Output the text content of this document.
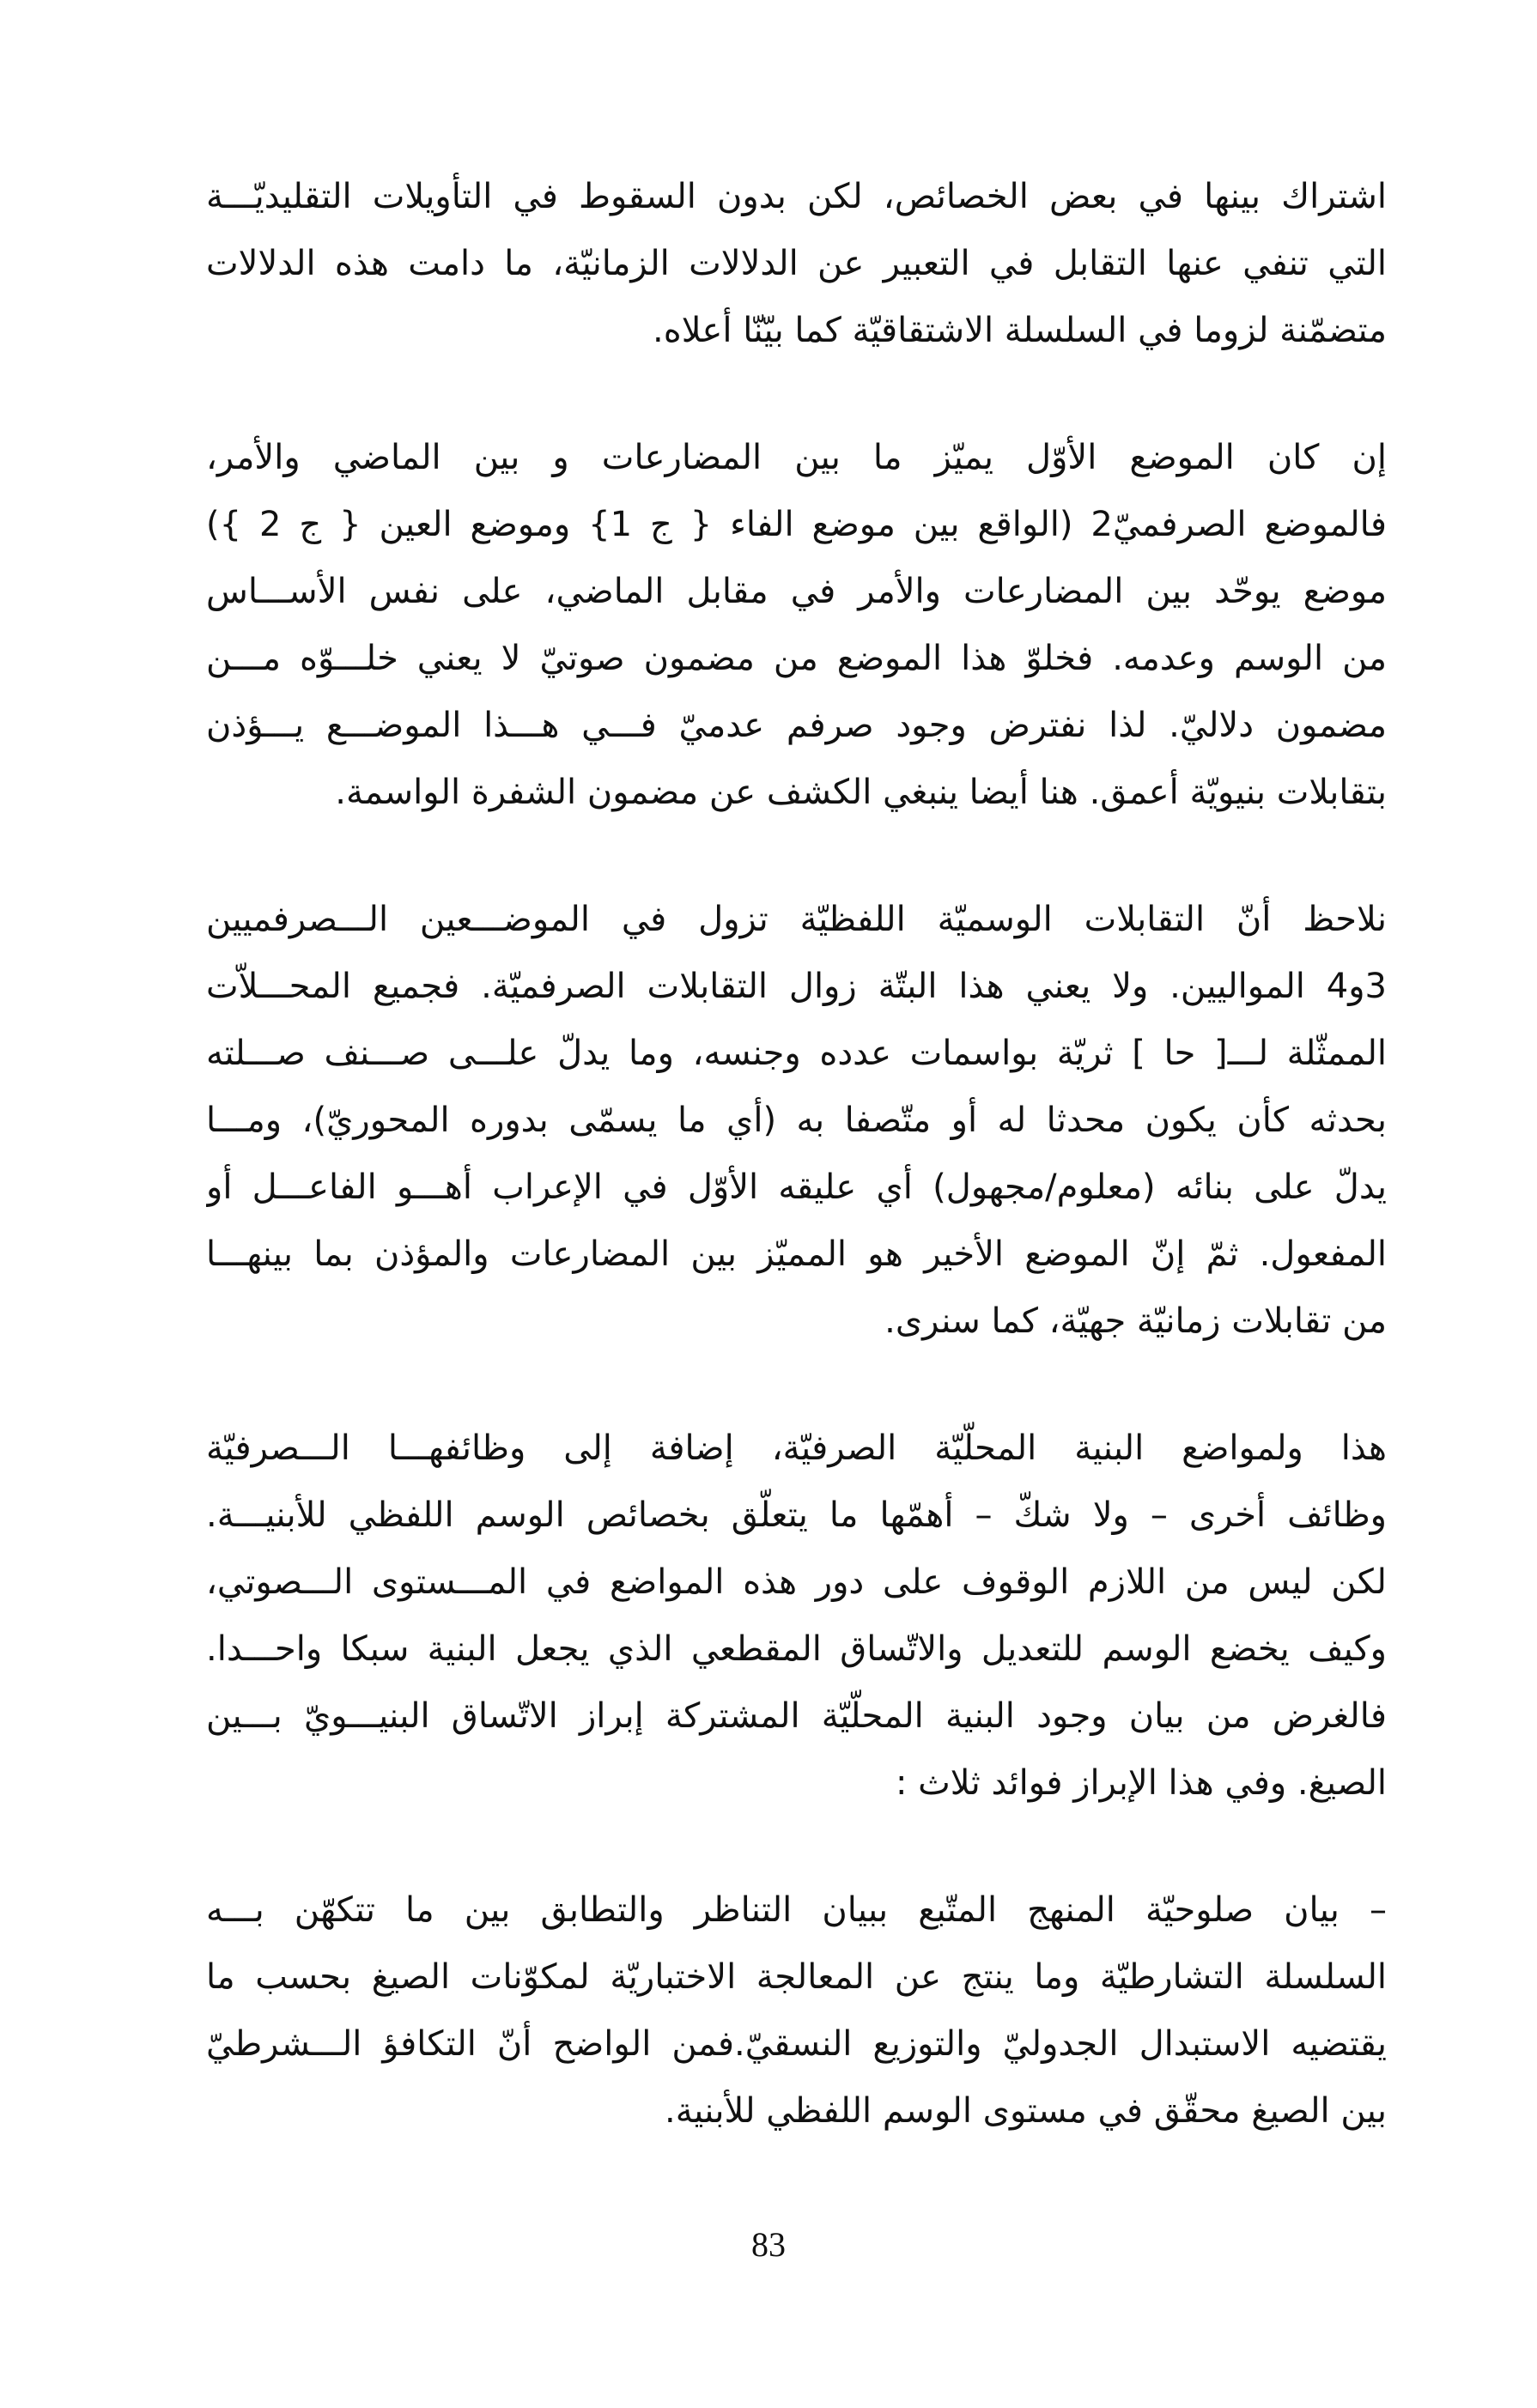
اشتراك بينها في بعض الخصائص، لكن بدون السقوط في التأويلات التقليديّـــة
التي تنفي عنها التقابل في التعبير عن الدلالات الزمانيّة، ما دامت هذه الدلالات
متضمّنة لزوما في السلسلة الاشتقاقيّة كما بيّنّا أعلاه.
إن كان الموضع الأوّل يميّز ما بين المضارعات و بين الماضي والأمر،
فالموضع الصرفميّ2 (الواقع بين موضع الفاء { ج 1} وموضع العين { ج 2 })
موضع يوحّد بين المضارعات والأمر في مقابل الماضي، على نفس الأســـاس
من الوسم وعدمه. فخلوّ هذا الموضع من مضمون صوتيّ لا يعني خلـــوّه مـــن
مضمون دلاليّ. لذا نفترض وجود صرفم عدميّ فـــي هـــذا الموضـــع يـــؤذن
بتقابلات بنيويّة أعمق. هنا أيضا ينبغي الكشف عن مضمون الشفرة الواسمة.
نلاحظ أنّ التقابلات الوسميّة اللفظيّة تزول في الموضـــعين الـــصرفميين
3و4 المواليين. ولا يعني هذا البتّة زوال التقابلات الصرفميّة. فجميع المحـــلاّت
الممثّلة لـــ[ حا ] ثريّة بواسمات عدده وجنسه، وما يدلّ علـــى صـــنف صـــلته
بحدثه كأن يكون محدثا له أو متّصفا به (أي ما يسمّى بدوره المحوريّ)، ومـــا
يدلّ على بنائه (معلوم/مجهول) أي عليقه الأوّل في الإعراب أهـــو الفاعـــل أو
المفعول. ثمّ إنّ الموضع الأخير هو المميّز بين المضارعات والمؤذن بما بينهـــا
من تقابلات زمانيّة جهيّة، كما سنرى.
هذا ولمواضع البنية المحلّيّة الصرفيّة، إضافة إلى وظائفهـــا الـــصرفيّة
وظائف أخرى – ولا شكّ – أهمّها ما يتعلّق بخصائص الوسم اللفظي للأبنيـــة.
لكن ليس من اللازم الوقوف على دور هذه المواضع في المـــستوى الـــصوتي،
وكيف يخضع الوسم للتعديل والاتّساق المقطعي الذي يجعل البنية سبكا واحـــدا.
فالغرض من بيان وجود البنية المحلّيّة المشتركة إبراز الاتّساق البنيـــويّ بـــين
الصيغ. وفي هذا الإبراز فوائد ثلاث :
– بيان صلوحيّة المنهج المتّبع ببيان التناظر والتطابق بين ما تتكهّن بـــه
السلسلة التشارطيّة وما ينتج عن المعالجة الاختباريّة لمكوّنات الصيغ بحسب ما
يقتضيه الاستبدال الجدوليّ والتوزيع النسقيّ.فمن الواضح أنّ التكافؤ الـــشرطيّ
بين الصيغ محقّق في مستوى الوسم اللفظي للأبنية.
83
